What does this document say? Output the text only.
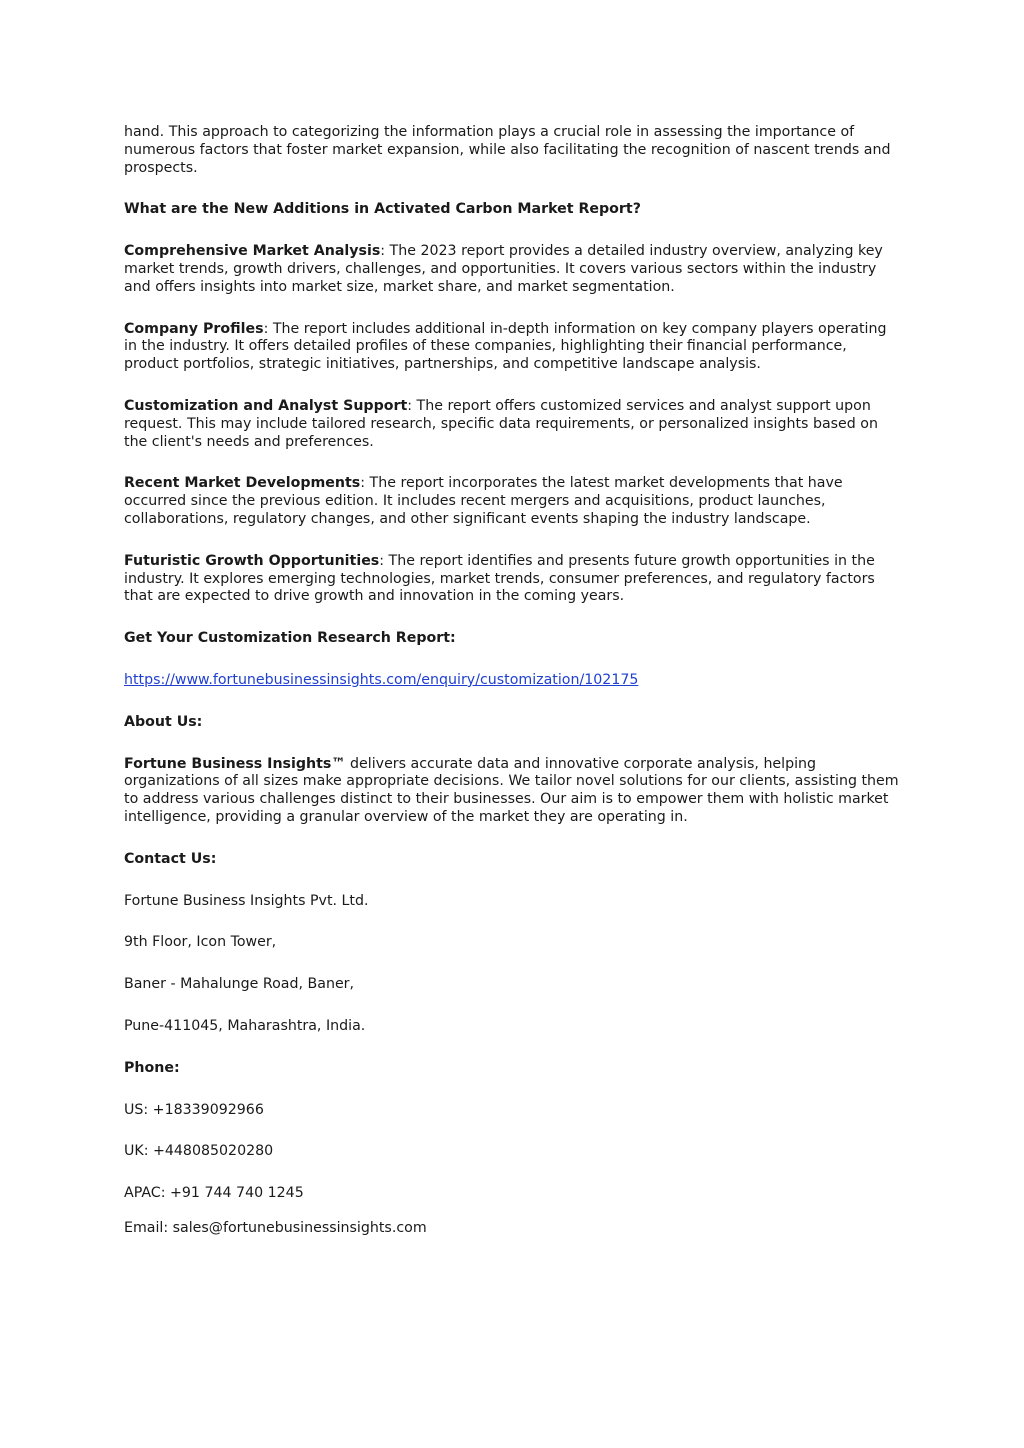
hand. This approach to categorizing the information plays a crucial role in assessing the importance of numerous factors that foster market expansion, while also facilitating the recognition of nascent trends and prospects.

What are the New Additions in Activated Carbon Market Report?

Comprehensive Market Analysis: The 2023 report provides a detailed industry overview, analyzing key market trends, growth drivers, challenges, and opportunities. It covers various sectors within the industry and offers insights into market size, market share, and market segmentation.

Company Profiles: The report includes additional in-depth information on key company players operating in the industry. It offers detailed profiles of these companies, highlighting their financial performance, product portfolios, strategic initiatives, partnerships, and competitive landscape analysis.

Customization and Analyst Support: The report offers customized services and analyst support upon request. This may include tailored research, specific data requirements, or personalized insights based on the client's needs and preferences.

Recent Market Developments: The report incorporates the latest market developments that have occurred since the previous edition. It includes recent mergers and acquisitions, product launches, collaborations, regulatory changes, and other significant events shaping the industry landscape.

Futuristic Growth Opportunities: The report identifies and presents future growth opportunities in the industry. It explores emerging technologies, market trends, consumer preferences, and regulatory factors that are expected to drive growth and innovation in the coming years.

Get Your Customization Research Report:

https://www.fortunebusinessinsights.com/enquiry/customization/102175

About Us:

Fortune Business Insights™ delivers accurate data and innovative corporate analysis, helping organizations of all sizes make appropriate decisions. We tailor novel solutions for our clients, assisting them to address various challenges distinct to their businesses. Our aim is to empower them with holistic market intelligence, providing a granular overview of the market they are operating in.

Contact Us:

Fortune Business Insights Pvt. Ltd.

9th Floor, Icon Tower,

Baner - Mahalunge Road, Baner,

Pune-411045, Maharashtra, India.

Phone:

US: +18339092966

UK: +448085020280

APAC: +91 744 740 1245

Email: sales@fortunebusinessinsights.com
